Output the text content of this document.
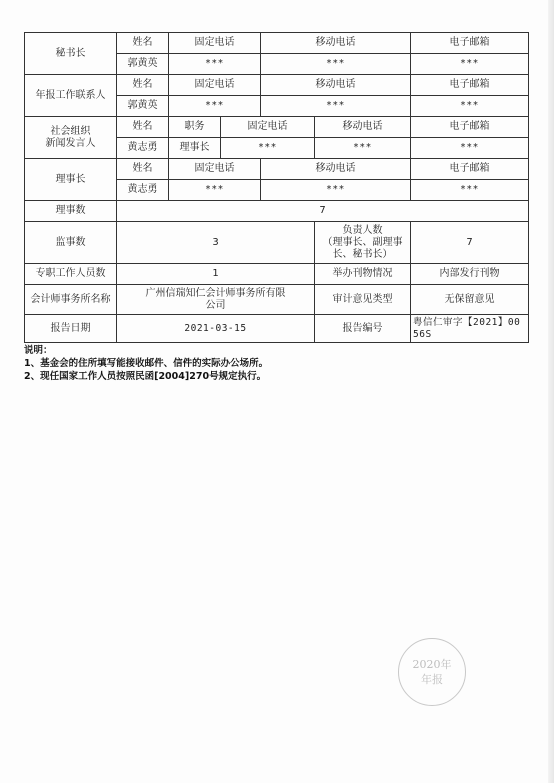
秘书长	姓名	固定电话		移动电话		电子邮箱
	郭黄英	***		***		***
年报工作联系人	姓名	固定电话		移动电话		电子邮箱
	郭黄英	***		***		***

社会组织
新闻发言人	姓名	职务	固定电话		移动电话	电子邮箱
	黄志勇	理事长	***		***	***
理事长	姓名	固定电话		移动电话		电子邮箱
	黄志勇	***		***		***
理事数	7					
监事数	3				负责人数
（理事长、副理事
长、秘书长）	7
专职工作人员数	1				举办刊物情况	内部发行刊物
会计师事务所名称	广州信瑞知仁会计师事务所有限
公司				审计意见类型	无保留意见
报告日期	2021-03-15				报告编号	粤信仁审字【2021】00
56S
说明：
1、基金会的住所填写能接收邮件、信件的实际办公场所。
2、现任国家工作人员按照民函[2004]270号规定执行。
2020年
年报
